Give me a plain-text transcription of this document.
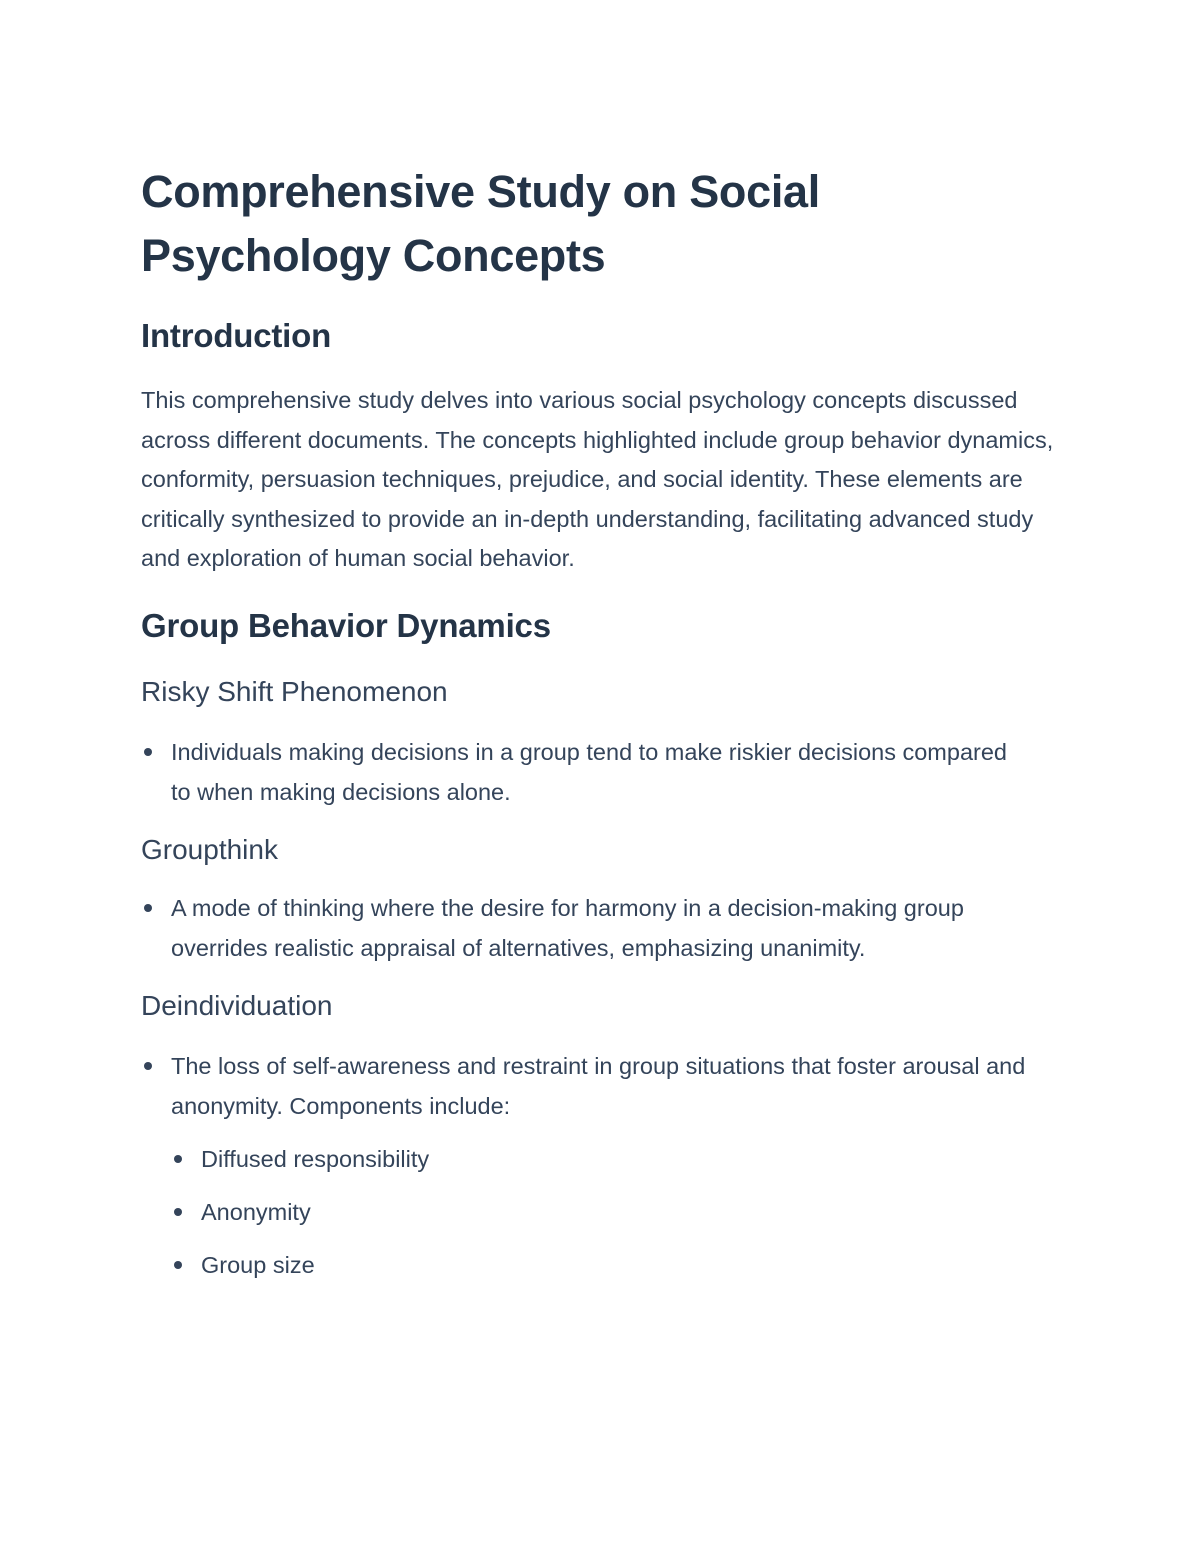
Comprehensive Study on Social Psychology Concepts
Introduction

This comprehensive study delves into various social psychology concepts discussed across different documents. The concepts highlighted include group behavior dynamics, conformity, persuasion techniques, prejudice, and social identity. These elements are critically synthesized to provide an in-depth understanding, facilitating advanced study and exploration of human social behavior.

Group Behavior Dynamics
Risky Shift Phenomenon
Individuals making decisions in a group tend to make riskier decisions compared to when making decisions alone.
Groupthink
A mode of thinking where the desire for harmony in a decision-making group overrides realistic appraisal of alternatives, emphasizing unanimity.
Deindividuation
The loss of self-awareness and restraint in group situations that foster arousal and anonymity. Components include:
Diffused responsibility
Anonymity
Group size
